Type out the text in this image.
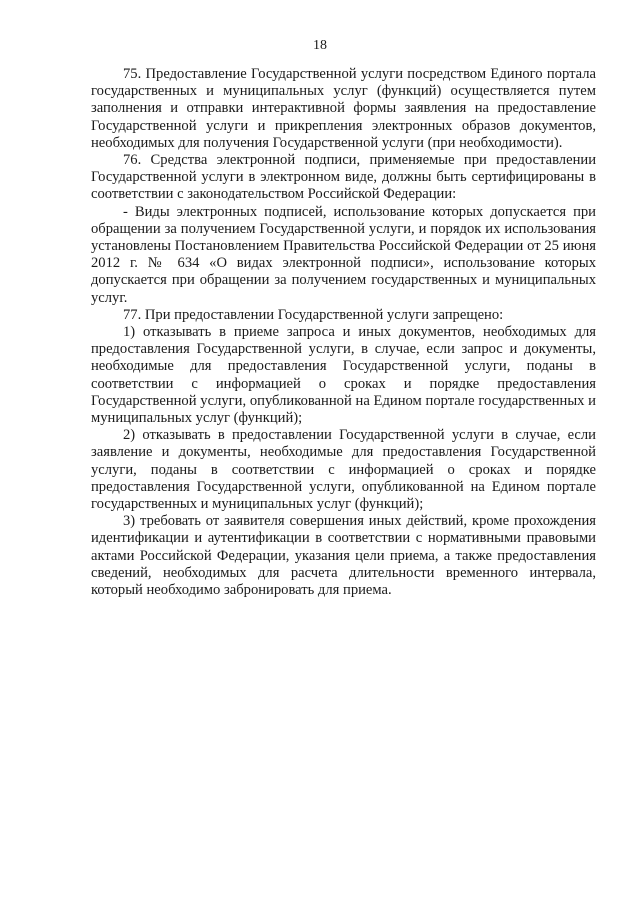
18

75. Предоставление Государственной услуги посредством Единого портала государственных и муниципальных услуг (функций) осуществляется путем заполнения и отправки интерактивной формы заявления на предоставление Государственной услуги и прикрепления электронных образов документов, необходимых для получения Государственной услуги (при необходимости).

76. Средства электронной подписи, применяемые при предоставлении Государственной услуги в электронном виде, должны быть сертифицированы в соответствии с законодательством Российской Федерации:

- Виды электронных подписей, использование которых допускается при обращении за получением Государственной услуги, и порядок их использования установлены Постановлением Правительства Российской Федерации от 25 июня 2012 г. № 634 «О видах электронной подписи», использование которых допускается при обращении за получением государственных и муниципальных услуг.

77. При предоставлении Государственной услуги запрещено:

1) отказывать в приеме запроса и иных документов, необходимых для предоставления Государственной услуги, в случае, если запрос и документы, необходимые для предоставления Государственной услуги, поданы в соответствии с информацией о сроках и порядке предоставления Государственной услуги, опубликованной на Едином портале государственных и муниципальных услуг (функций);

2) отказывать в предоставлении Государственной услуги в случае, если заявление и документы, необходимые для предоставления Государственной услуги, поданы в соответствии с информацией о сроках и порядке предоставления Государственной услуги, опубликованной на Едином портале государственных и муниципальных услуг (функций);

3) требовать от заявителя совершения иных действий, кроме прохождения идентификации и аутентификации в соответствии с нормативными правовыми актами Российской Федерации, указания цели приема, а также предоставления сведений, необходимых для расчета длительности временного интервала, который необходимо забронировать для приема.
